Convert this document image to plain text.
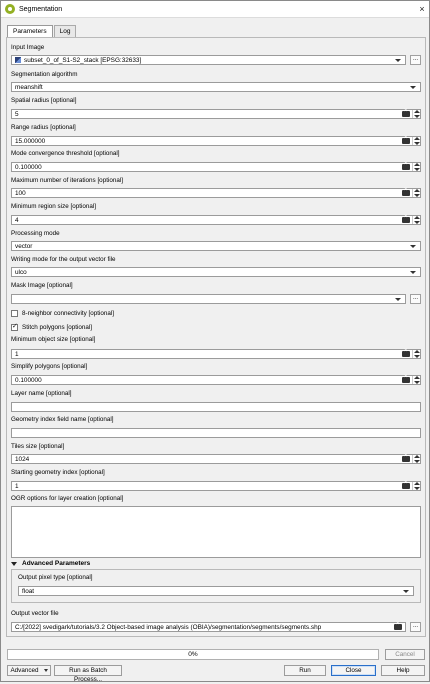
Segmentation	×
Parameters	Log
Input Image
subset_0_of_S1-S2_stack [EPSG:32633]	...
Segmentation algorithm
meanshift
Spatial radius [optional]
5
×
Range radius [optional]
15.000000
×
Mode convergence threshold [optional]
0.100000
×
Maximum number of iterations [optional]
100
×
Minimum region size [optional]
4
×
Processing mode
vector
Writing mode for the output vector file
ulco
Mask Image [optional]
...
8-neighbor connectivity [optional]
✓
Stitch polygons [optional]
Minimum object size [optional]
1
×
Simplify polygons [optional]
0.100000
×
Layer name [optional]
Geometry index field name [optional]
Tiles size [optional]
1024
×
Starting geometry index [optional]
1
×
OGR options for layer creation [optional]
Advanced Parameters
Output pixel type [optional]
float
Output vector file
C:/[2022] svedigark/tutorials/3.2 Object-based image analysis (OBIA)/segmentation/segments/segments.shp
×	...
0%	Cancel
Advanced	Run as Batch Process...
Run	Close	Help
